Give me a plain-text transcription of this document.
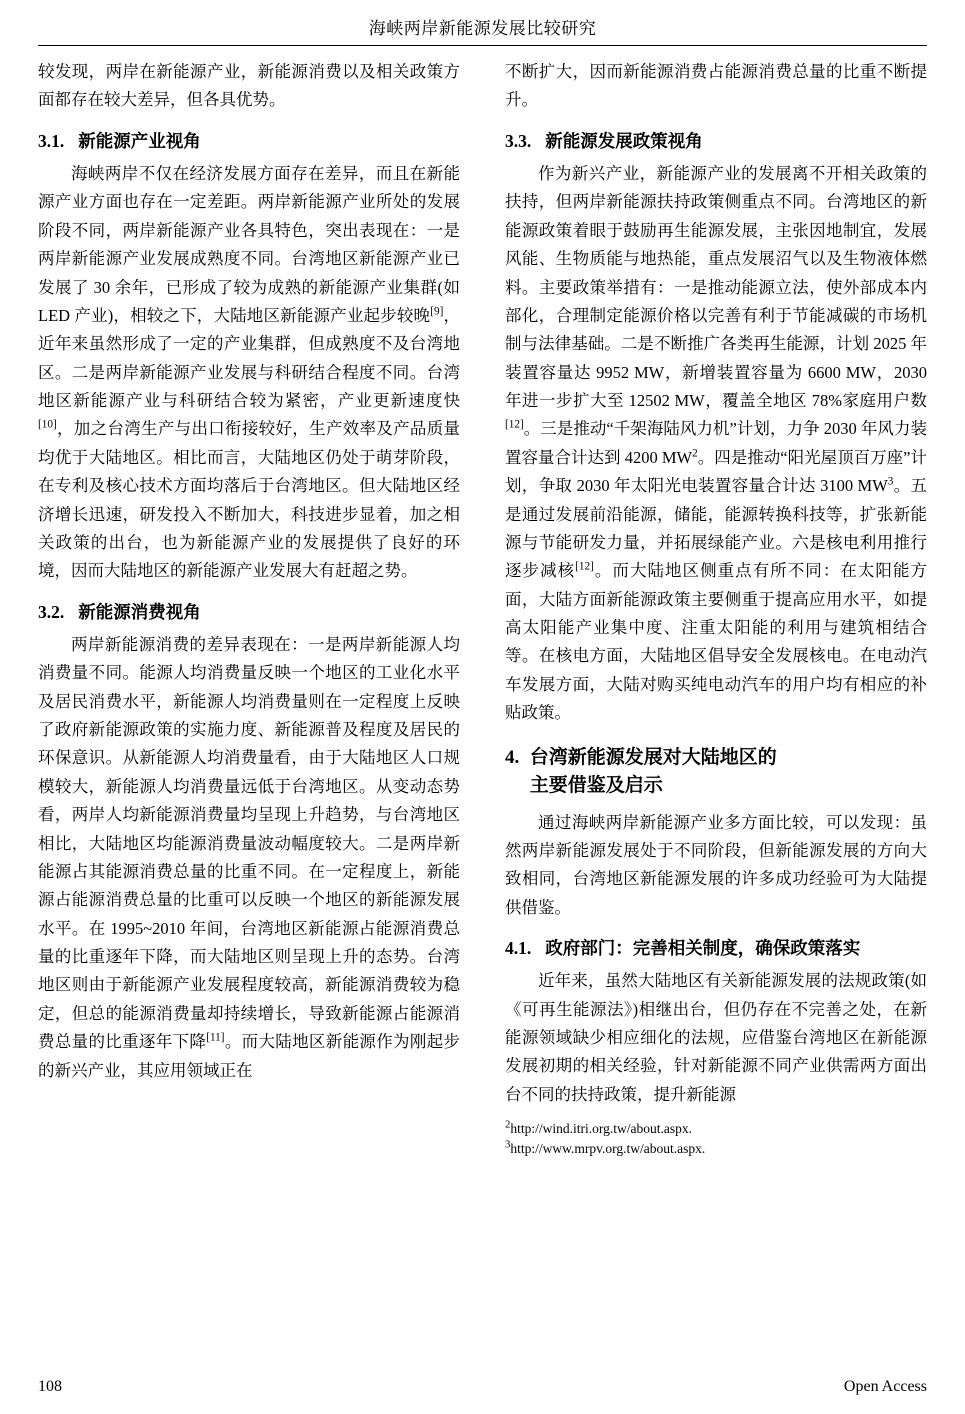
海峡两岸新能源发展比较研究

较发现，两岸在新能源产业，新能源消费以及相关政策方面都存在较大差异，但各具优势。

3.1. 新能源产业视角

海峡两岸不仅在经济发展方面存在差异，而且在新能源产业方面也存在一定差距。两岸新能源产业所处的发展阶段不同，两岸新能源产业各具特色，突出表现在：一是两岸新能源产业发展成熟度不同。台湾地区新能源产业已发展了 30 余年，已形成了较为成熟的新能源产业集群(如 LED 产业)，相较之下，大陆地区新能源产业起步较晚[9]，近年来虽然形成了一定的产业集群，但成熟度不及台湾地区。二是两岸新能源产业发展与科研结合程度不同。台湾地区新能源产业与科研结合较为紧密，产业更新速度快[10]，加之台湾生产与出口衔接较好，生产效率及产品质量均优于大陆地区。相比而言，大陆地区仍处于萌芽阶段，在专利及核心技术方面均落后于台湾地区。但大陆地区经济增长迅速，研发投入不断加大，科技进步显着，加之相关政策的出台，也为新能源产业的发展提供了良好的环境，因而大陆地区的新能源产业发展大有赶超之势。

3.2. 新能源消费视角

两岸新能源消费的差异表现在：一是两岸新能源人均消费量不同。能源人均消费量反映一个地区的工业化水平及居民消费水平，新能源人均消费量则在一定程度上反映了政府新能源政策的实施力度、新能源普及程度及居民的环保意识。从新能源人均消费量看，由于大陆地区人口规模较大，新能源人均消费量远低于台湾地区。从变动态势看，两岸人均新能源消费量均呈现上升趋势，与台湾地区相比，大陆地区均能源消费量波动幅度较大。二是两岸新能源占其能源消费总量的比重不同。在一定程度上，新能源占能源消费总量的比重可以反映一个地区的新能源发展水平。在 1995~2010 年间，台湾地区新能源占能源消费总量的比重逐年下降，而大陆地区则呈现上升的态势。台湾地区则由于新能源产业发展程度较高，新能源消费较为稳定，但总的能源消费量却持续增长，导致新能源占能源消费总量的比重逐年下降[11]。而大陆地区新能源作为刚起步的新兴产业，其应用领域正在

不断扩大，因而新能源消费占能源消费总量的比重不断提升。

3.3. 新能源发展政策视角

作为新兴产业，新能源产业的发展离不开相关政策的扶持，但两岸新能源扶持政策侧重点不同。台湾地区的新能源政策着眼于鼓励再生能源发展，主张因地制宜，发展风能、生物质能与地热能，重点发展沼气以及生物液体燃料。主要政策举措有：一是推动能源立法，使外部成本内部化，合理制定能源价格以完善有利于节能减碳的市场机制与法律基础。二是不断推广各类再生能源，计划 2025 年装置容量达 9952 MW，新增装置容量为 6600 MW，2030 年进一步扩大至 12502 MW，覆盖全地区 78%家庭用户数[12]。三是推动“千架海陆风力机”计划，力争 2030 年风力装置容量合计达到 4200 $MW^2$。四是推动“阳光屋顶百万座”计划，争取 2030 年太阳光电装置容量合计达 3100 $MW^3$。五是通过发展前沿能源，储能，能源转换科技等，扩张新能源与节能研发力量，并拓展绿能产业。六是核电利用推行逐步减核[12]。而大陆地区侧重点有所不同：在太阳能方面，大陆方面新能源政策主要侧重于提高应用水平，如提高太阳能产业集中度、注重太阳能的利用与建筑相结合等。在核电方面，大陆地区倡导安全发展核电。在电动汽车发展方面，大陆对购买纯电动汽车的用户均有相应的补贴政策。

4. 台湾新能源发展对大陆地区的
主要借鉴及启示

通过海峡两岸新能源产业多方面比较，可以发现：虽然两岸新能源发展处于不同阶段，但新能源发展的方向大致相同，台湾地区新能源发展的许多成功经验可为大陆提供借鉴。

4.1. 政府部门：完善相关制度，确保政策落实

近年来，虽然大陆地区有关新能源发展的法规政策(如《可再生能源法》)相继出台，但仍存在不完善之处，在新能源领域缺少相应细化的法规，应借鉴台湾地区在新能源发展初期的相关经验，针对新能源不同产业供需两方面出台不同的扶持政策，提升新能源

$^2$http://wind.itri.org.tw/about.aspx.

$^3$http://www.mrpv.org.tw/about.aspx.

108	Open Access
